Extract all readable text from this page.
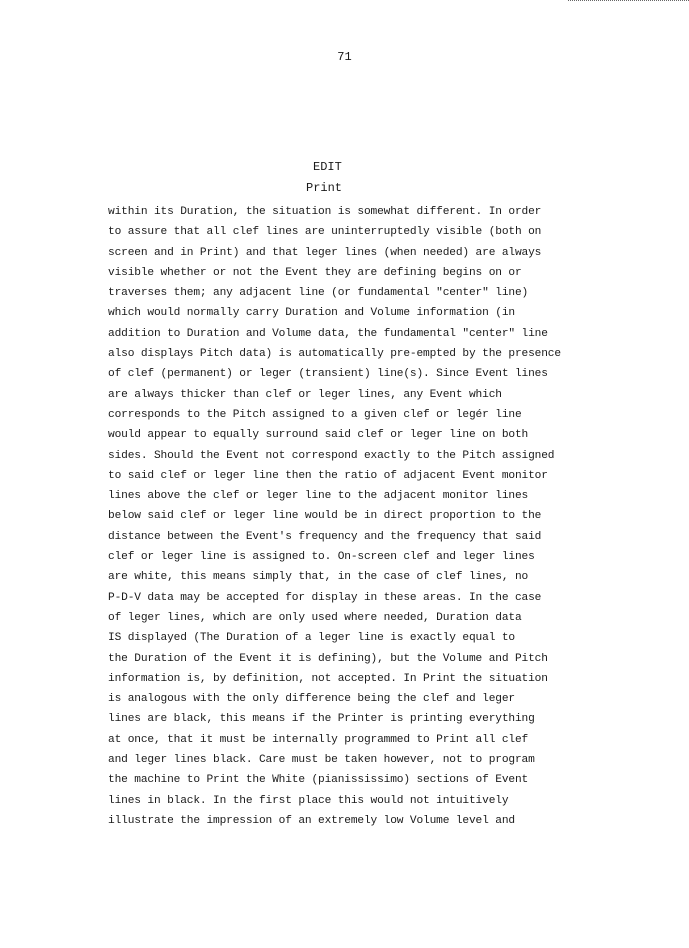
71
EDIT
Print
within its Duration, the situation is somewhat different. In order
to assure that all clef lines are uninterruptedly visible (both on
screen and in Print) and that leger lines (when needed) are always
visible whether or not the Event they are defining begins on or
traverses them; any adjacent line (or fundamental "center" line)
which would normally carry Duration and Volume information (in
addition to Duration and Volume data, the fundamental "center" line
also displays Pitch data) is automatically pre-empted by the presence
of clef (permanent) or leger (transient) line(s). Since Event lines
are always thicker than clef or leger lines, any Event which
corresponds to the Pitch assigned to a given clef or legér line
would appear to equally surround said clef or leger line on both
sides. Should the Event not correspond exactly to the Pitch assigned
to said clef or leger line then the ratio of adjacent Event monitor
lines above the clef or leger line to the adjacent monitor lines
below said clef or leger line would be in direct proportion to the
distance between the Event's frequency and the frequency that said
clef or leger line is assigned to. On-screen clef and leger lines
are white, this means simply that, in the case of clef lines, no
P-D-V data may be accepted for display in these areas. In the case
of leger lines, which are only used where needed, Duration data
IS displayed (The Duration of a leger line is exactly equal to
the Duration of the Event it is defining), but the Volume and Pitch
information is, by definition, not accepted. In Print the situation
is analogous with the only difference being the clef and leger
lines are black, this means if the Printer is printing everything
at once, that it must be internally programmed to Print all clef
and leger lines black. Care must be taken however, not to program
the machine to Print the White (pianississimo) sections of Event
lines in black. In the first place this would not intuitively
illustrate the impression of an extremely low Volume level and
